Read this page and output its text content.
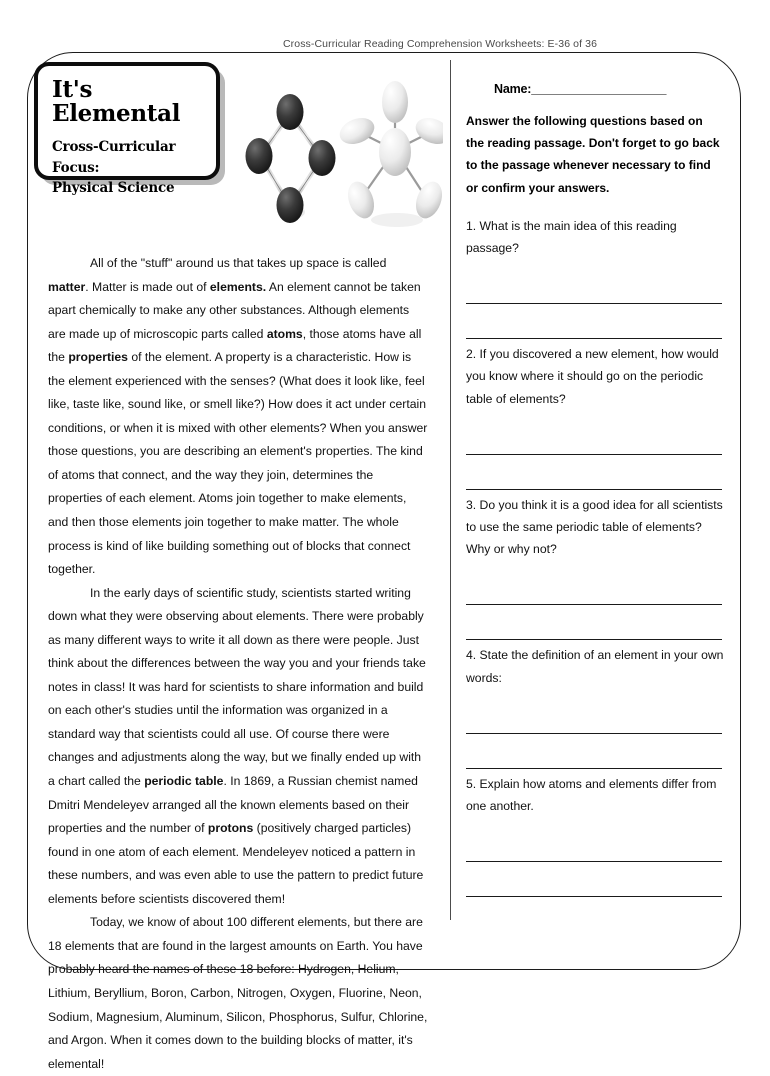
Cross-Curricular Reading Comprehension Worksheets: E-36 of 36
It's Elemental
Cross-Curricular Focus:
Physical Science

All of the "stuff" around us that takes up space is called matter. Matter is made out of elements. An element cannot be taken apart chemically to make any other substances. Although elements are made up of microscopic parts called atoms, those atoms have all the properties of the element. A property is a characteristic. How is the element experienced with the senses? (What does it look like, feel like, taste like, sound like, or smell like?) How does it act under certain conditions, or when it is mixed with other elements? When you answer those questions, you are describing an element's properties. The kind of atoms that connect, and the way they join, determines the properties of each element. Atoms join together to make elements, and then those elements join together to make matter. The whole process is kind of like building something out of blocks that connect together.

In the early days of scientific study, scientists started writing down what they were observing about elements. There were probably as many different ways to write it all down as there were people. Just think about the differences between the way you and your friends take notes in class! It was hard for scientists to share information and build on each other's studies until the information was organized in a standard way that scientists could all use. Of course there were changes and adjustments along the way, but we finally ended up with a chart called the periodic table. In 1869, a Russian chemist named Dmitri Mendeleyev arranged all the known elements based on their properties and the number of protons (positively charged particles) found in one atom of each element. Mendeleyev noticed a pattern in these numbers, and was even able to use the pattern to predict future elements before scientists discovered them!

Today, we know of about 100 different elements, but there are 18 elements that are found in the largest amounts on Earth. You have probably heard the names of these 18 before: Hydrogen, Helium, Lithium, Beryllium, Boron, Carbon, Nitrogen, Oxygen, Fluorine, Neon, Sodium, Magnesium, Aluminum, Silicon, Phosphorus, Sulfur, Chlorine, and Argon. When it comes down to the building blocks of matter, it's elemental!

Name:____________________
Answer the following questions based on the reading passage. Don't forget to go back to the passage whenever necessary to find or confirm your answers.

1. What is the main idea of this reading passage?

2. If you discovered a new element, how would you know where it should go on the periodic table of elements?

3. Do you think it is a good idea for all scientists to use the same periodic table of elements? Why or why not?

4. State the definition of an element in your own words:

5. Explain how atoms and elements differ from one another.
